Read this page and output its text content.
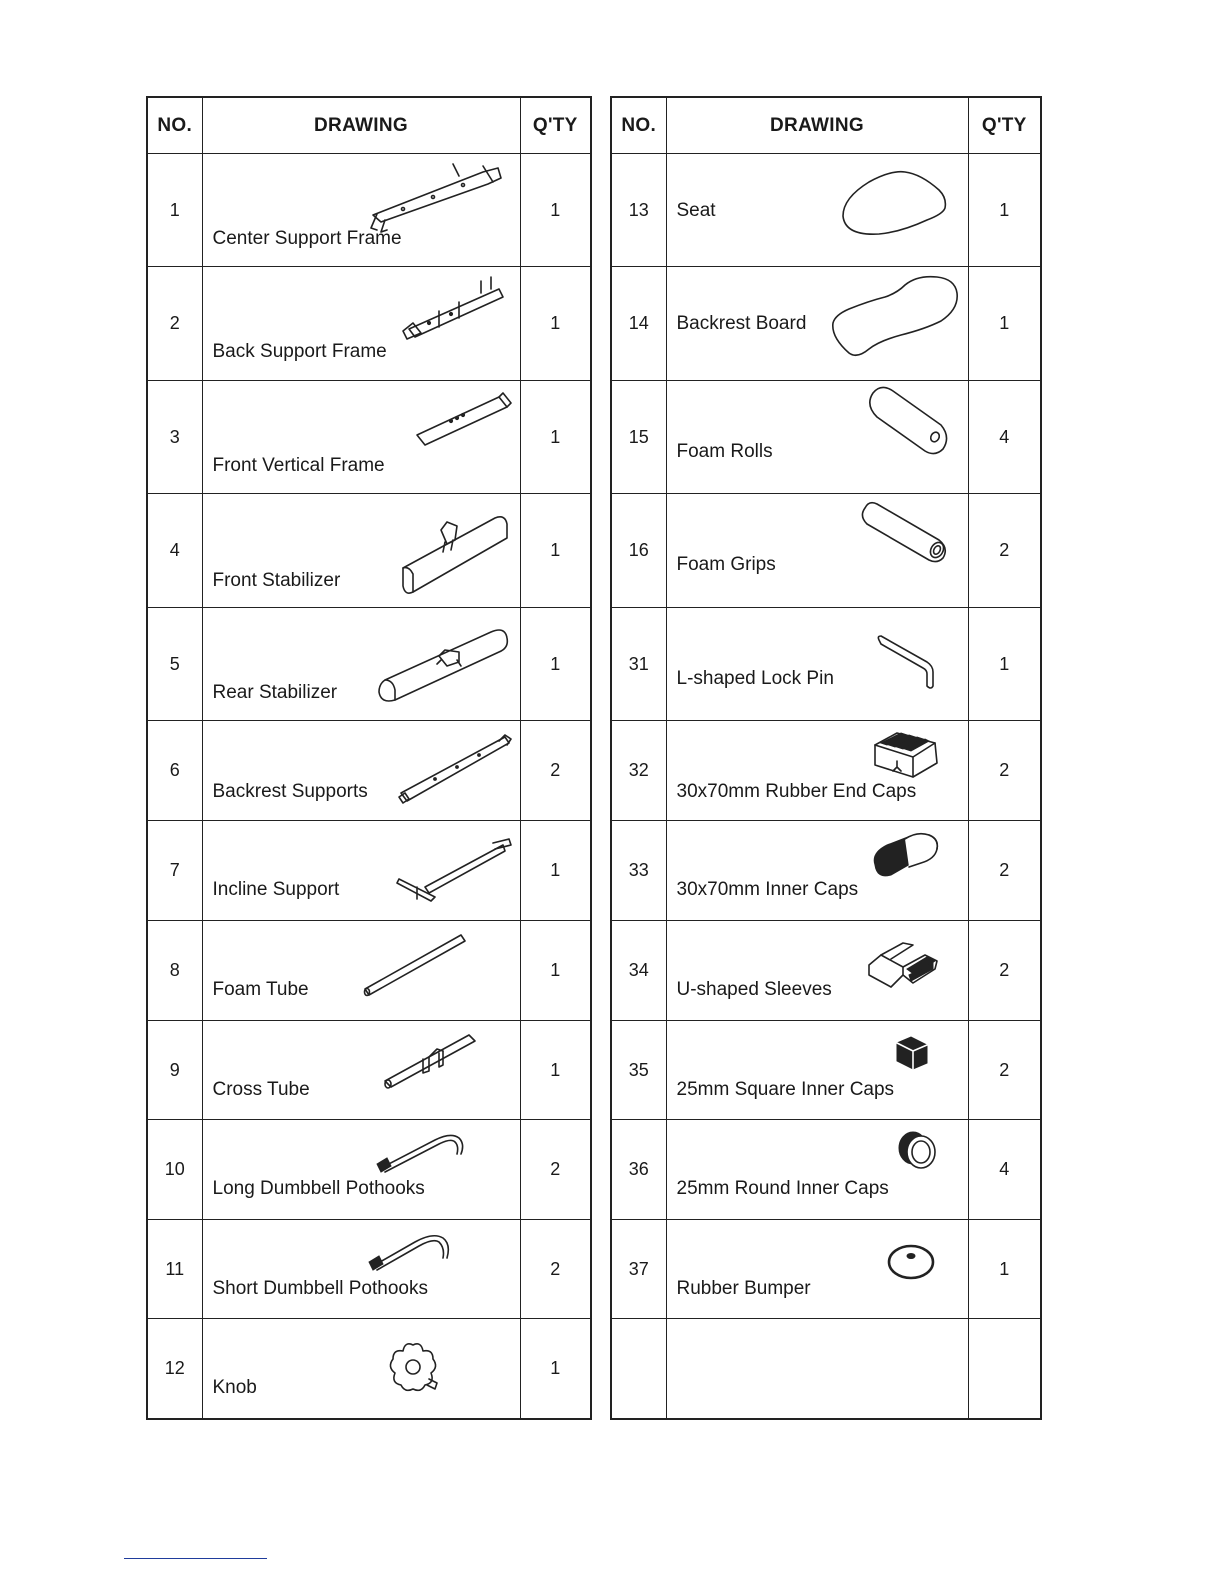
NO.	DRAWING	Q'TY
1	Center Support Frame	1
2	Back Support Frame	1
3	Front Vertical Frame	1
4	Front Stabilizer	1
5	Rear Stabilizer	1
6	Backrest Supports	2
7	Incline Support	1
8	Foam Tube	1
9	Cross Tube	1
10	Long Dumbbell Pothooks	2
11	Short Dumbbell Pothooks	2
12	Knob	1
NO.	DRAWING	Q'TY
13	Seat	1
14	Backrest Board	1
15	Foam Rolls	4
16	Foam Grips	2
31	L-shaped Lock Pin	1
32	30x70mm Rubber End Caps	2
33	30x70mm Inner Caps	2
34	U-shaped Sleeves	2
35	25mm Square Inner Caps	2
36	25mm Round Inner Caps	4
37	Rubber Bumper	1
